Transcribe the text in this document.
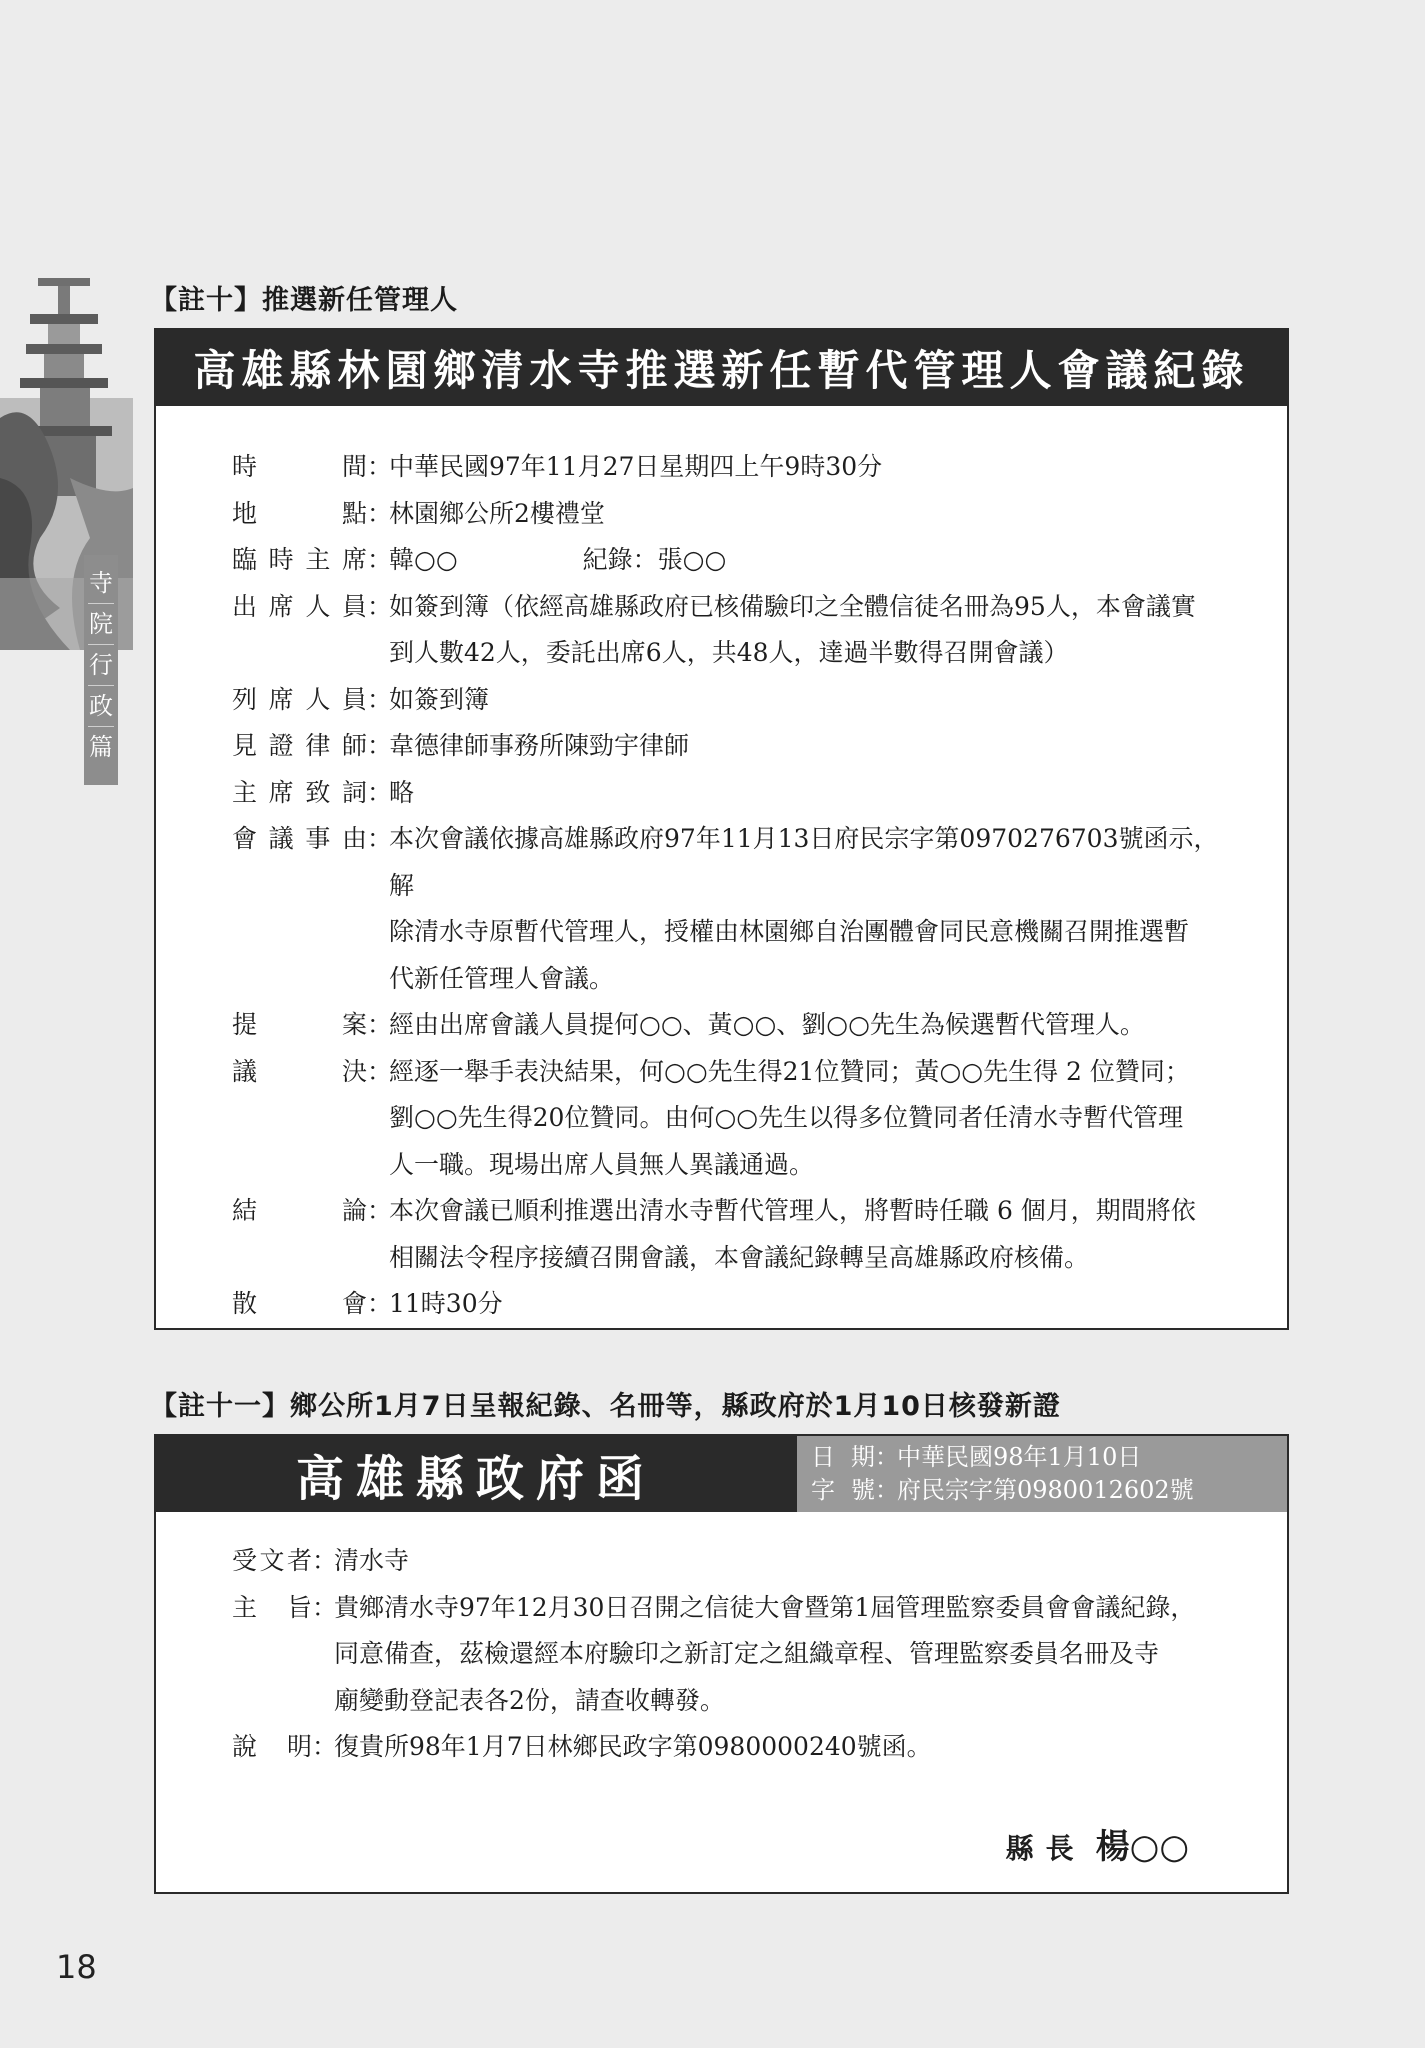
寺
院
行
政
篇
【註十】推選新任管理人
高雄縣林園鄉清水寺推選新任暫代管理人會議紀錄
時	間 ：
中華民國97年11月27日星期四上午9時30分
地	點 ：
林園鄉公所2樓禮堂
臨 時 主 席 ：
韓○○　　　　　紀錄：張○○
出 席 人 員 ：
如簽到簿（依經高雄縣政府已核備驗印之全體信徒名冊為95人，本會議實
到人數42人，委託出席6人，共48人，達過半數得召開會議）
列 席 人 員 ：
如簽到簿
見 證 律 師 ：
韋德律師事務所陳勁宇律師
主 席 致 詞 ：
略
會 議 事 由 ：
本次會議依據高雄縣政府97年11月13日府民宗字第0970276703號函示，解
除清水寺原暫代管理人，授權由林園鄉自治團體會同民意機關召開推選暫
代新任管理人會議。
提	案 ：
經由出席會議人員提何○○、黃○○、劉○○先生為候選暫代管理人。
議	決 ：
經逐一舉手表決結果，何○○先生得21位贊同；黃○○先生得 2 位贊同；
劉○○先生得20位贊同。由何○○先生以得多位贊同者任清水寺暫代管理
人一職。現場出席人員無人異議通過。
結	論 ：
本次會議已順利推選出清水寺暫代管理人，將暫時任職 6 個月，期間將依
相關法令程序接續召開會議，本會議紀錄轉呈高雄縣政府核備。
散	會 ：
11時30分
【註十一】鄉公所1月7日呈報紀錄、名冊等，縣政府於1月10日核發新證
高雄縣政府函	日 期 ：
中華民國98年1月10日
字 號 ：
府民宗字第0980012602號
受 文 者 ：
清水寺
主 旨 ：
貴鄉清水寺97年12月30日召開之信徒大會暨第1屆管理監察委員會會議紀錄，
同意備查，茲檢還經本府驗印之新訂定之組織章程、管理監察委員名冊及寺
廟變動登記表各2份，請查收轉發。
說 明 ：
復貴所98年1月7日林鄉民政字第0980000240號函。
縣長 楊○○
18
